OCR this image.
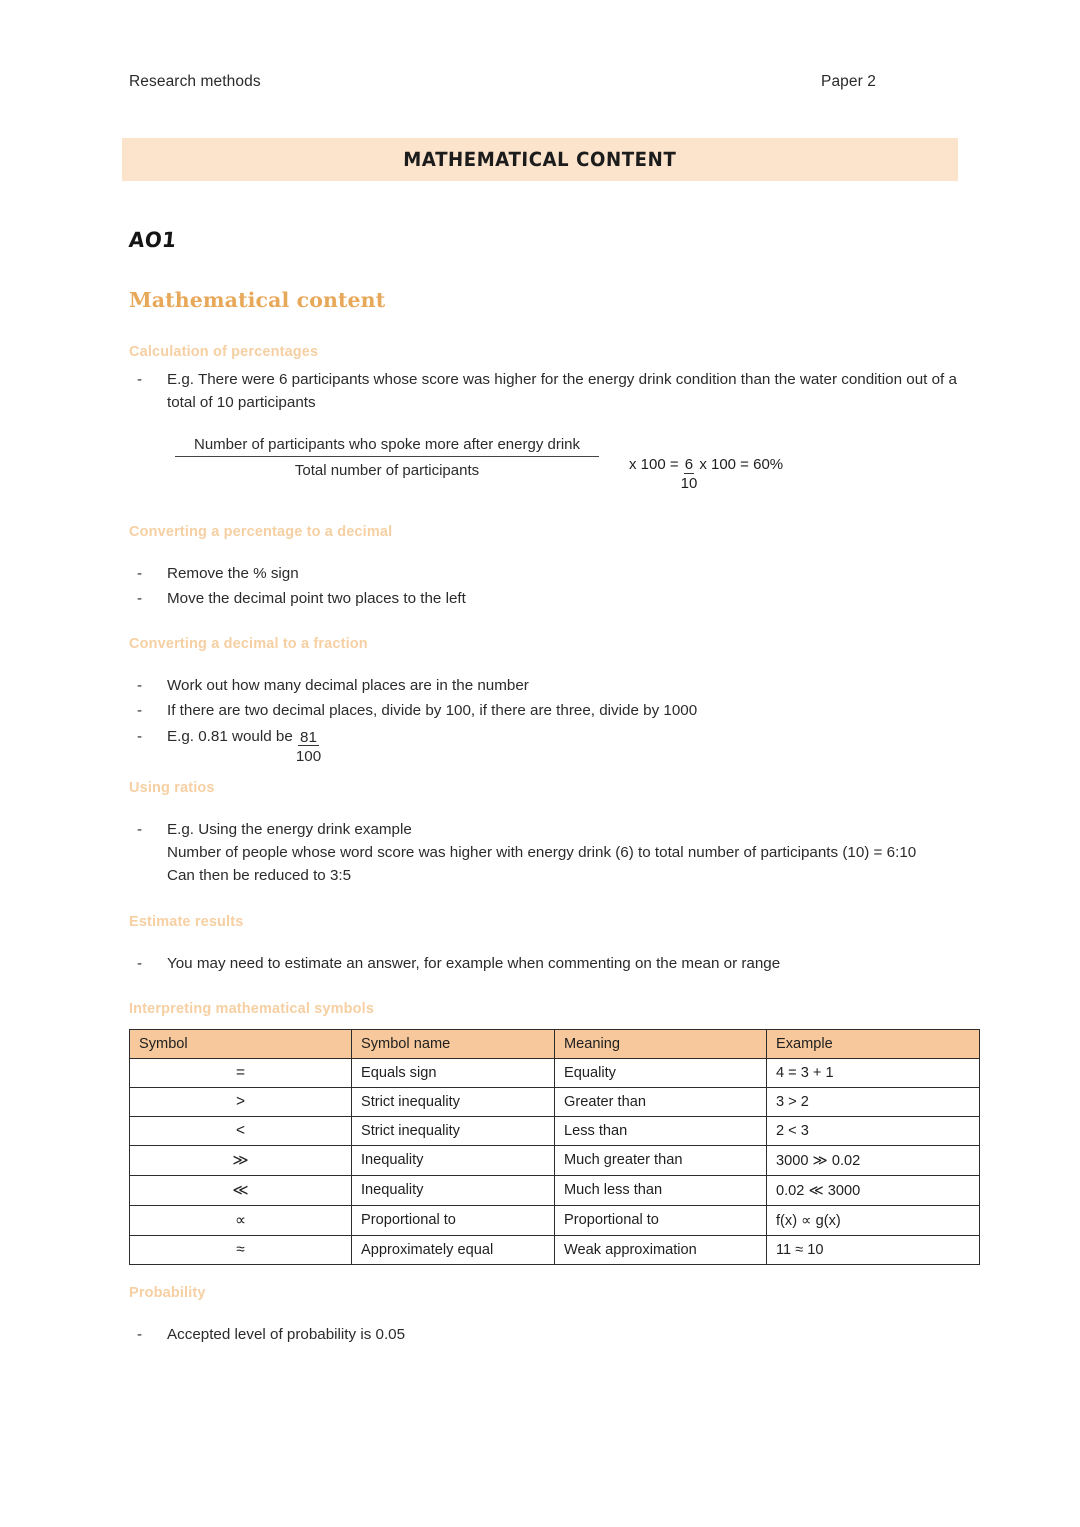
Research methods	Paper 2
MATHEMATICAL CONTENT
AO1
Mathematical content
Calculation of percentages
- E.g. There were 6 participants whose score was higher for the energy drink condition than the water condition out of a total of 10 participants
Number of participants who spoke more after energy drink
Total number of participants	x $100 = \frac{6}{10}$ x 100 = 60%
Converting a percentage to a decimal
- Remove the % sign
- Move the decimal point two places to the left
Converting a decimal to a fraction
- Work out how many decimal places are in the number
- If there are two decimal places, divide by 100, if there are three, divide by 1000
- E.g. 0.81 would be $\frac{81}{100}$
Using ratios
- E.g. Using the energy drink example
Number of people whose word score was higher with energy drink (6) to total number of participants (10) = 6:10
Can then be reduced to 3:5
Estimate results
- You may need to estimate an answer, for example when commenting on the mean or range
Interpreting mathematical symbols
Symbol	Symbol name	Meaning	Example
=	Equals sign	Equality	4 = 3 + 1
>	Strict inequality	Greater than	3 > 2
<	Strict inequality	Less than	2 < 3
≫	Inequality	Much greater than	3000 ≫ 0.02
≪	Inequality	Much less than	0.02 ≪ 3000
∝	Proportional to	Proportional to	f(x) ∝ g(x)
≈	Approximately equal	Weak approximation	11 ≈ 10
Probability
- Accepted level of probability is 0.05
